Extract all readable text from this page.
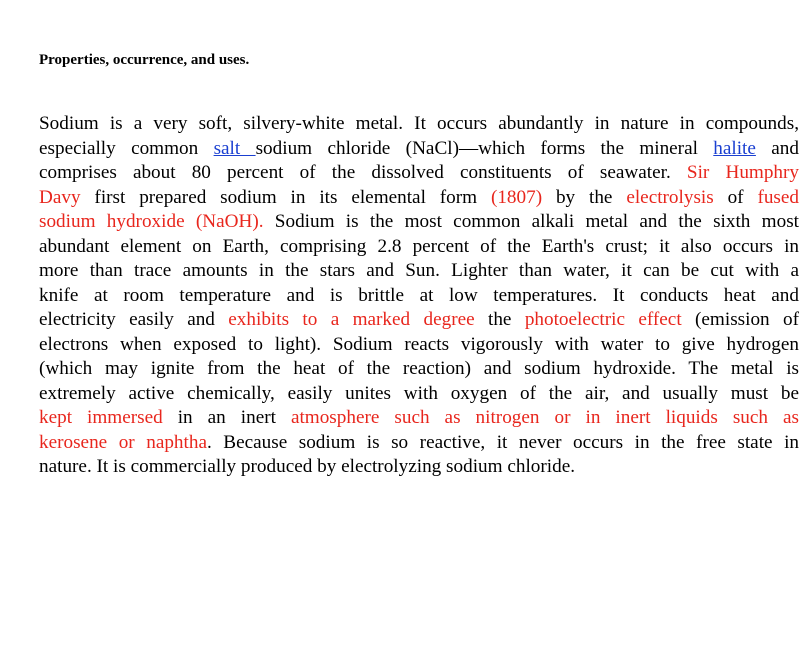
Properties, occurrence, and uses.
Sodium is a very soft, silvery-white metal. It occurs abundantly in nature in compounds,
especially common salt sodium chloride (NaCl)—which forms the mineral halite and
comprises about 80 percent of the dissolved constituents of seawater. Sir Humphry
Davy first prepared sodium in its elemental form (1807) by the electrolysis of fused
sodium hydroxide (NaOH). Sodium is the most common alkali metal and the sixth most
abundant element on Earth, comprising 2.8 percent of the Earth's crust; it also occurs in
more than trace amounts in the stars and Sun. Lighter than water, it can be cut with a
knife at room temperature and is brittle at low temperatures. It conducts heat and
electricity easily and exhibits to a marked degree the photoelectric effect (emission of
electrons when exposed to light). Sodium reacts vigorously with water to give hydrogen
(which may ignite from the heat of the reaction) and sodium hydroxide. The metal is
extremely active chemically, easily unites with oxygen of the air, and usually must be
kept immersed in an inert atmosphere such as nitrogen or in inert liquids such as
kerosene or naphtha. Because sodium is so reactive, it never occurs in the free state in
nature. It is commercially produced by electrolyzing sodium chloride.
